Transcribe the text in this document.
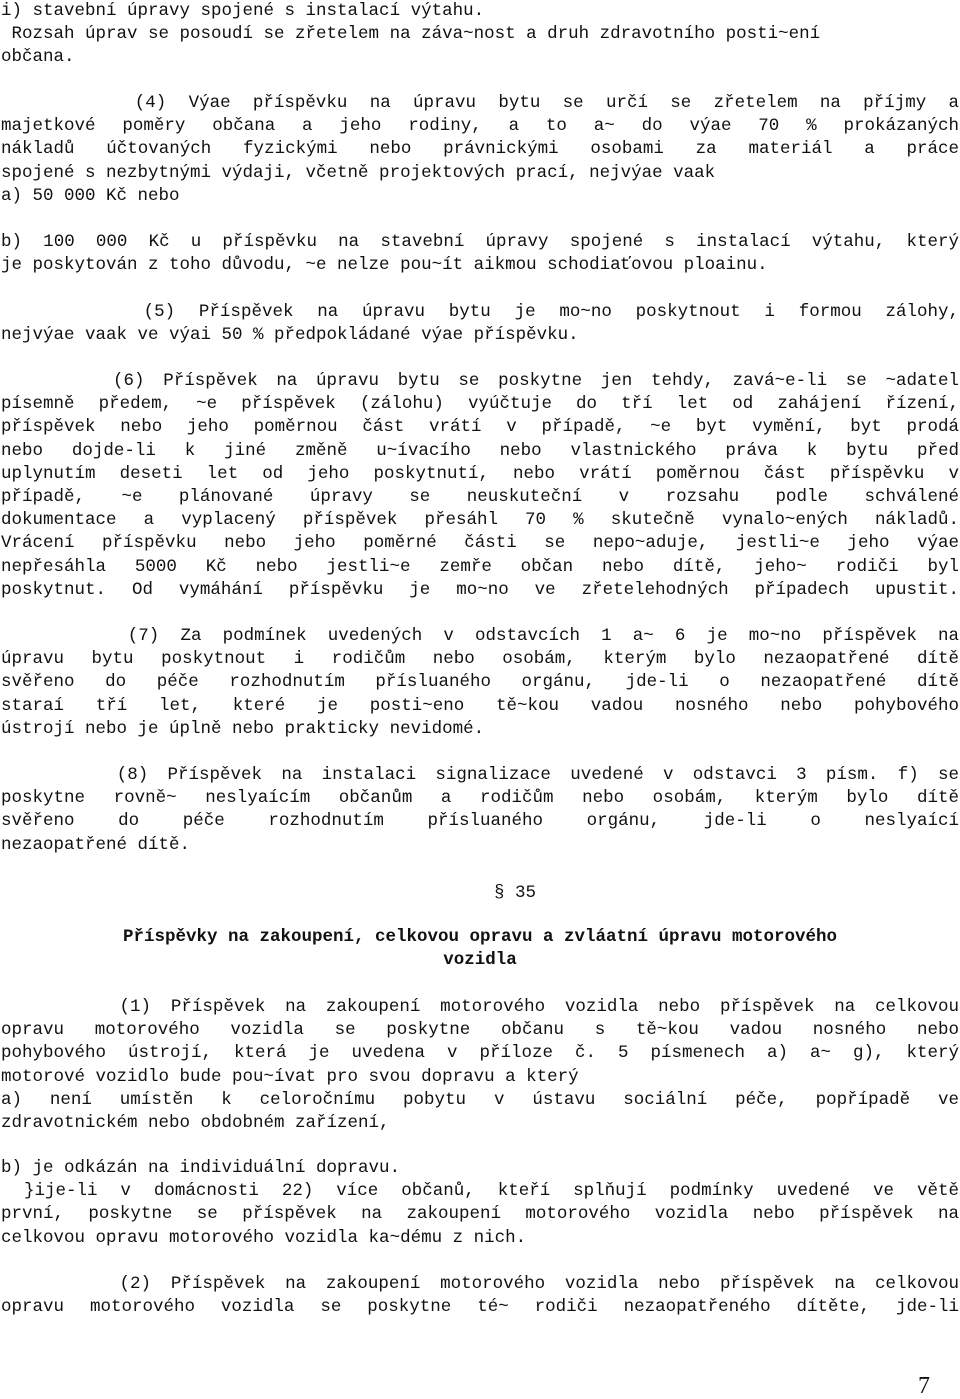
i) stavební úpravy spojené s instalací výtahu.
Rozsah úprav se posoudí se zřetelem na záva~nost a druh zdravotního posti~ení
občana.
(4) Výae příspěvku na úpravu bytu se určí se zřetelem na příjmy a
majetkové poměry občana a jeho rodiny, a to a~ do výae 70 % prokázaných
nákladů účtovaných fyzickými nebo právnickými osobami za materiál a práce
spojené s nezbytnými výdaji, včetně projektových prací, nejvýae vaak
a) 50 000 Kč nebo
b) 100 000 Kč u příspěvku na stavební úpravy spojené s instalací výtahu, který
je poskytován z toho důvodu, ~e nelze pou~ít aikmou schodiaťovou ploainu.
(5) Příspěvek na úpravu bytu je mo~no poskytnout i formou zálohy,
nejvýae vaak ve výai 50 % předpokládané výae příspěvku.
(6) Příspěvek na úpravu bytu se poskytne jen tehdy, zavá~e-li se ~adatel
písemně předem, ~e příspěvek (zálohu) vyúčtuje do tří let od zahájení řízení,
příspěvek nebo jeho poměrnou část vrátí v případě, ~e byt vymění, byt prodá
nebo dojde-li k jiné změně u~ívacího nebo vlastnického práva k bytu před
uplynutím deseti let od jeho poskytnutí, nebo vrátí poměrnou část příspěvku v
případě, ~e plánované úpravy se neuskuteční v rozsahu podle schválené
dokumentace a vyplacený příspěvek přesáhl 70 % skutečně vynalo~ených nákladů.
Vrácení příspěvku nebo jeho poměrné části se nepo~aduje, jestli~e jeho výae
nepřesáhla 5000 Kč nebo jestli~e zemře občan nebo dítě, jeho~ rodiči byl
poskytnut. Od vymáhání příspěvku je mo~no ve zřetelehodných případech upustit.
(7) Za podmínek uvedených v odstavcích 1 a~ 6 je mo~no příspěvek na
úpravu bytu poskytnout i rodičům nebo osobám, kterým bylo nezaopatřené dítě
svěřeno do péče rozhodnutím přísluaného orgánu, jde-li o nezaopatřené dítě
staraí tří let, které je posti~eno tě~kou vadou nosného nebo pohybového
ústrojí nebo je úplně nebo prakticky nevidomé.
(8) Příspěvek na instalaci signalizace uvedené v odstavci 3 písm. f) se
poskytne rovně~ neslyaícím občanům a rodičům nebo osobám, kterým bylo dítě
svěřeno do péče rozhodnutím přísluaného orgánu, jde-li o neslyaící
nezaopatřené dítě.
Příspěvky na zakoupení, celkovou opravu a zvláatní úpravu motorového
vozidla
(1) Příspěvek na zakoupení motorového vozidla nebo příspěvek na celkovou
opravu motorového vozidla se poskytne občanu s tě~kou vadou nosného nebo
pohybového ústrojí, která je uvedena v příloze č. 5 písmenech a) a~ g), který
motorové vozidlo bude pou~ívat pro svou dopravu a který
a) není umístěn k celoročnímu pobytu v ústavu sociální péče, popřípadě ve
zdravotnickém nebo obdobném zařízení,
b) je odkázán na individuální dopravu.
}ije-li v domácnosti 22) více občanů, kteří splňují podmínky uvedené ve větě
první, poskytne se příspěvek na zakoupení motorového vozidla nebo příspěvek na
celkovou opravu motorového vozidla ka~dému z nich.
(2) Příspěvek na zakoupení motorového vozidla nebo příspěvek na celkovou
opravu motorového vozidla se poskytne té~ rodiči nezaopatřeného dítěte, jde-li
§ 35
7
